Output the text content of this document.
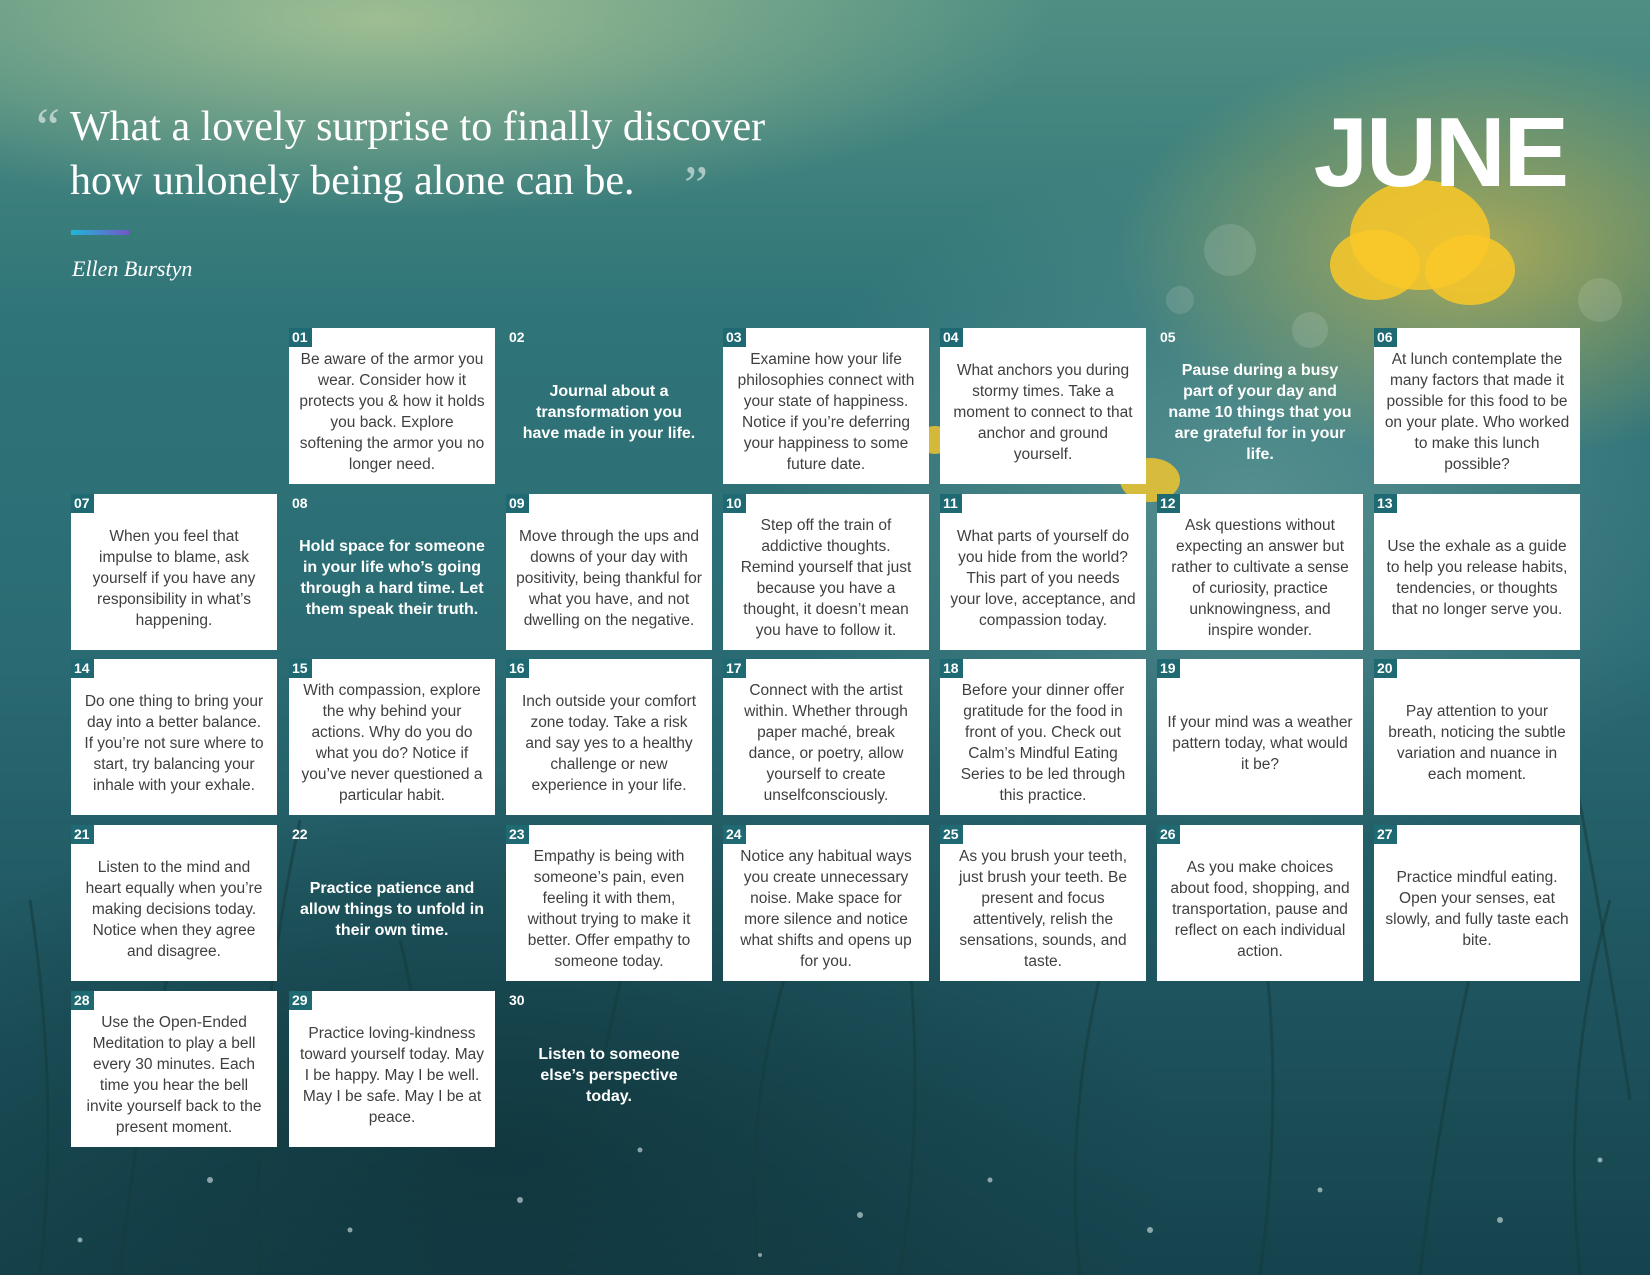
“ What a lovely surprise to finally discover
how unlonely being alone can be. ”
Ellen Burstyn
JUNE
01
Be aware of the armor you wear. Consider how it protects you & how it holds you back. Explore softening the armor you no longer need.
02
Journal about a transformation you have made in your life.
03
Examine how your life philosophies connect with your state of happiness. Notice if you’re deferring your happiness to some future date.
04
What anchors you during stormy times. Take a moment to connect to that anchor and ground yourself.
05
Pause during a busy part of your day and name 10 things that you are grateful for in your life.
06
At lunch contemplate the many factors that made it possible for this food to be on your plate. Who worked to make this lunch possible?
07
When you feel that impulse to blame, ask yourself if you have any responsibility in what’s happening.
08
Hold space for someone in your life who’s going through a hard time. Let them speak their truth.
09
Move through the ups and downs of your day with positivity, being thankful for what you have, and not dwelling on the negative.
10
Step off the train of addictive thoughts. Remind yourself that just because you have a thought, it doesn’t mean you have to follow it.
11
What parts of yourself do you hide from the world? This part of you needs your love, acceptance, and compassion today.
12
Ask questions without expecting an answer but rather to cultivate a sense of curiosity, practice unknowingness, and inspire wonder.
13
Use the exhale as a guide to help you release habits, tendencies, or thoughts that no longer serve you.
14
Do one thing to bring your day into a better balance. If you’re not sure where to start, try balancing your inhale with your exhale.
15
With compassion, explore the why behind your actions. Why do you do what you do? Notice if you’ve never questioned a particular habit.
16
Inch outside your comfort zone today. Take a risk and say yes to a healthy challenge or new experience in your life.
17
Connect with the artist within. Whether through paper maché, break dance, or poetry, allow yourself to create unselfconsciously.
18
Before your dinner offer gratitude for the food in front of you. Check out Calm’s Mindful Eating Series to be led through this practice.
19
If your mind was a weather pattern today, what would it be?
20
Pay attention to your breath, noticing the subtle variation and nuance in each moment.
21
Listen to the mind and heart equally when you’re making decisions today. Notice when they agree and disagree.
22
Practice patience and allow things to unfold in their own time.
23
Empathy is being with someone’s pain, even feeling it with them, without trying to make it better. Offer empathy to someone today.
24
Notice any habitual ways you create unnecessary noise. Make space for more silence and notice what shifts and opens up for you.
25
As you brush your teeth, just brush your teeth. Be present and focus attentively, relish the sensations, sounds, and taste.
26
As you make choices about food, shopping, and transportation, pause and reflect on each individual action.
27
Practice mindful eating. Open your senses, eat slowly, and fully taste each bite.
28
Use the Open-Ended Meditation to play a bell every 30 minutes. Each time you hear the bell invite yourself back to the present moment.
29
Practice loving-kindness toward yourself today. May I be happy. May I be well. May I be safe. May I be at peace.
30
Listen to someone else’s perspective today.
